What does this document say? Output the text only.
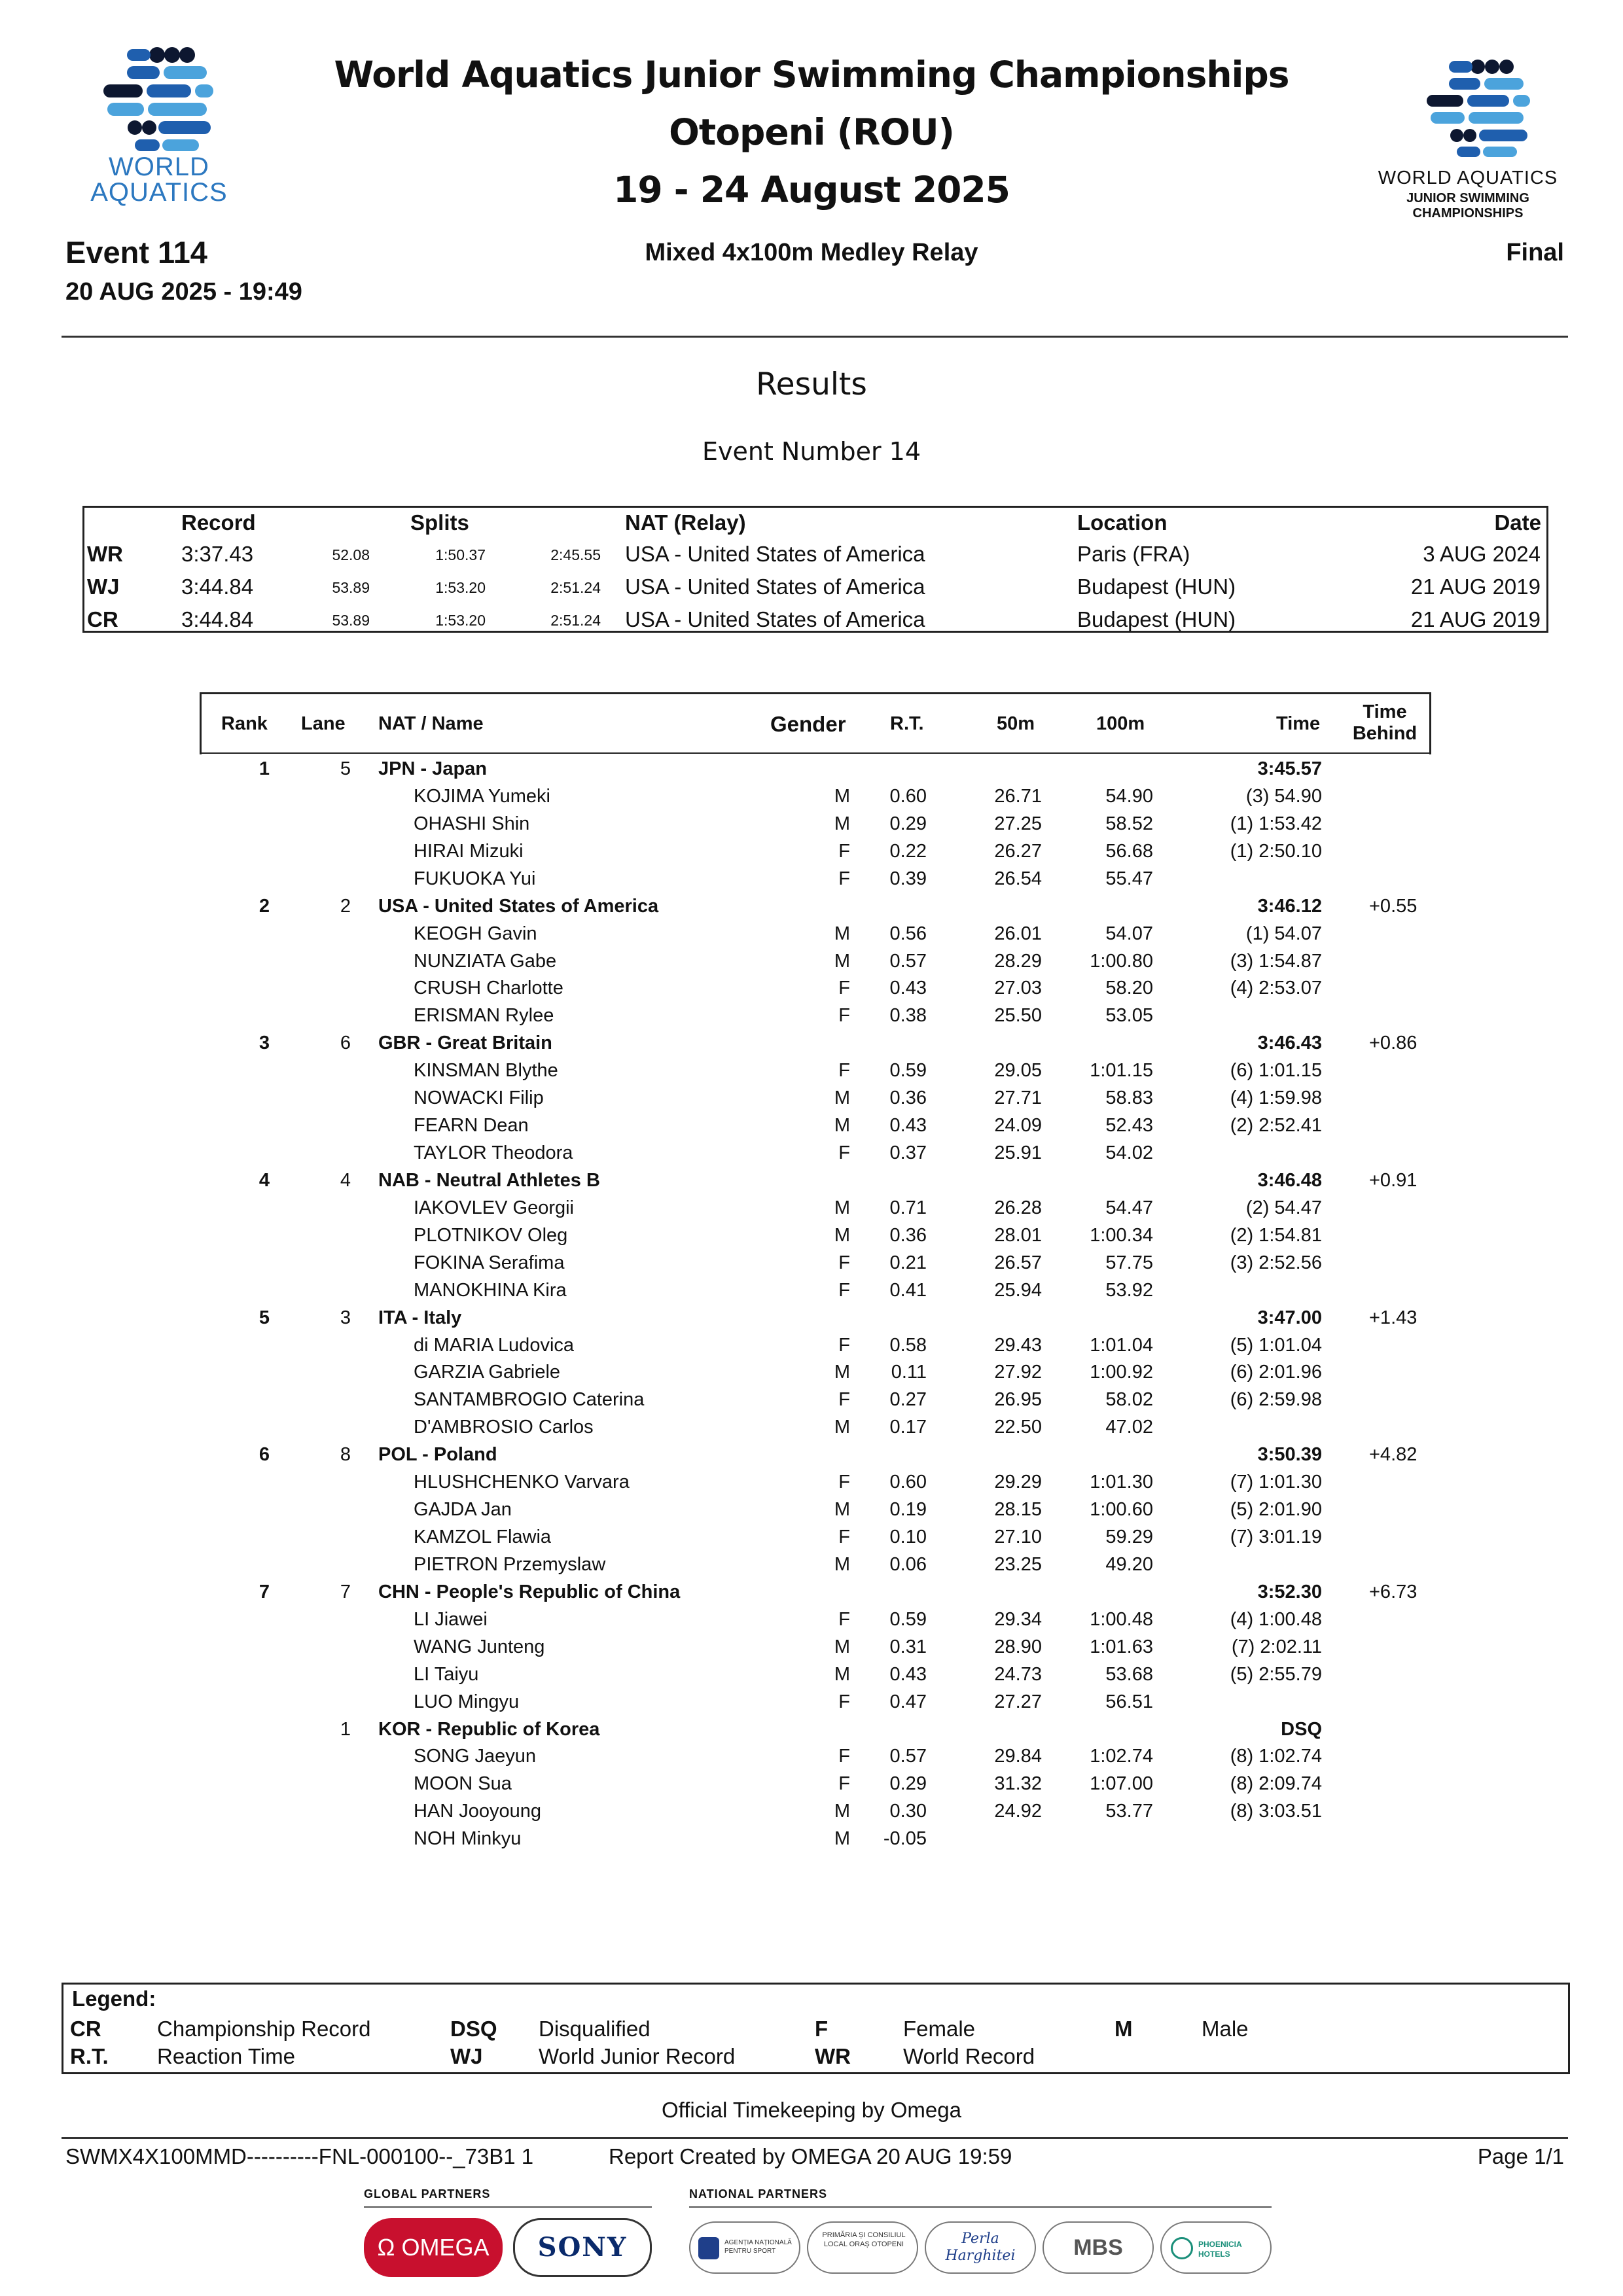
WORLD
AQUATICS
World Aquatics Junior Swimming Championships
Otopeni (ROU)
19 - 24 August 2025	WORLD AQUATICS
JUNIOR SWIMMING
CHAMPIONSHIPS
Event 114
20 AUG 2025 - 19:49
Mixed 4x100m Medley Relay	Final
Results
Event Number 14
Record	Splits	NAT (Relay)	Location	Date
WR	3:37.43	52.08	1:50.37	2:45.55 USA - United States of America	Paris (FRA)	3 AUG 2024
WJ	3:44.84	53.89	1:53.20	2:51.24 USA - United States of America	Budapest (HUN)	21 AUG 2019
CR	3:44.84	53.89	1:53.20	2:51.24 USA - United States of America	Budapest (HUN)	21 AUG 2019
Rank Lane NAT / Name	Gender R.T.	50m	100m	Time
Time
Behind
1	5 JPN - Japan	3:45.57
KOJIMA Yumeki	M 0.60	26.71	54.90	(3) 54.90
OHASHI Shin	M 0.29	27.25	58.52	(1) 1:53.42
HIRAI Mizuki	F 0.22	26.27	56.68	(1) 2:50.10
FUKUOKA Yui	F 0.39	26.54	55.47
2	2 USA - United States of America	3:46.12 +0.55
KEOGH Gavin	M 0.56	26.01	54.07	(1) 54.07
NUNZIATA Gabe	M 0.57	28.29	1:00.80	(3) 1:54.87
CRUSH Charlotte	F 0.43	27.03	58.20	(4) 2:53.07
ERISMAN Rylee	F 0.38	25.50	53.05
3	6 GBR - Great Britain	3:46.43 +0.86
KINSMAN Blythe	F 0.59	29.05	1:01.15	(6) 1:01.15
NOWACKI Filip	M 0.36	27.71	58.83	(4) 1:59.98
FEARN Dean	M 0.43	24.09	52.43	(2) 2:52.41
TAYLOR Theodora	F 0.37	25.91	54.02
4	4 NAB - Neutral Athletes B	3:46.48 +0.91
IAKOVLEV Georgii	M 0.71	26.28	54.47	(2) 54.47
PLOTNIKOV Oleg	M 0.36	28.01	1:00.34	(2) 1:54.81
FOKINA Serafima	F 0.21	26.57	57.75	(3) 2:52.56
MANOKHINA Kira	F 0.41	25.94	53.92
5	3 ITA - Italy	3:47.00 +1.43
di MARIA Ludovica	F 0.58	29.43	1:01.04	(5) 1:01.04
GARZIA Gabriele	M 0.11	27.92	1:00.92	(6) 2:01.96
SANTAMBROGIO Caterina	F 0.27	26.95	58.02	(6) 2:59.98
D'AMBROSIO Carlos	M 0.17	22.50	47.02
6	8 POL - Poland	3:50.39 +4.82
HLUSHCHENKO Varvara	F 0.60	29.29	1:01.30	(7) 1:01.30
GAJDA Jan	M 0.19	28.15	1:00.60	(5) 2:01.90
KAMZOL Flawia	F 0.10	27.10	59.29	(7) 3:01.19
PIETRON Przemyslaw	M 0.06	23.25	49.20
7	7 CHN - People's Republic of China	3:52.30 +6.73
LI Jiawei	F 0.59	29.34	1:00.48	(4) 1:00.48
WANG Junteng	M 0.31	28.90	1:01.63	(7) 2:02.11
LI Taiyu	M 0.43	24.73	53.68	(5) 2:55.79
LUO Mingyu	F 0.47	27.27	56.51
1 KOR - Republic of Korea	DSQ
SONG Jaeyun	F 0.57	29.84	1:02.74	(8) 1:02.74
MOON Sua	F 0.29	31.32	1:07.00	(8) 2:09.74
HAN Jooyoung	M 0.30	24.92	53.77	(8) 3:03.51
NOH Minkyu	M -0.05
Legend:
CR	Championship Record	DSQ Disqualified	F	Female	M	Male
R.T. Reaction Time	WJ	World Junior Record	WR World Record
Official Timekeeping by Omega
SWMX4X100MMD----------FNL-000100--_73B1 1	Report Created by OMEGA 20 AUG 19:59	Page 1/1
GLOBAL PARTNERS	NATIONAL PARTNERS
Ω OMEGA	SONY	AGENȚIA NAȚIONALĂ PENTRU SPORT
PRIMĂRIA ȘI CONSILIUL LOCAL ORAȘ OTOPENI	Perla Harghitei	MBS	PHOENICIA HOTELS
